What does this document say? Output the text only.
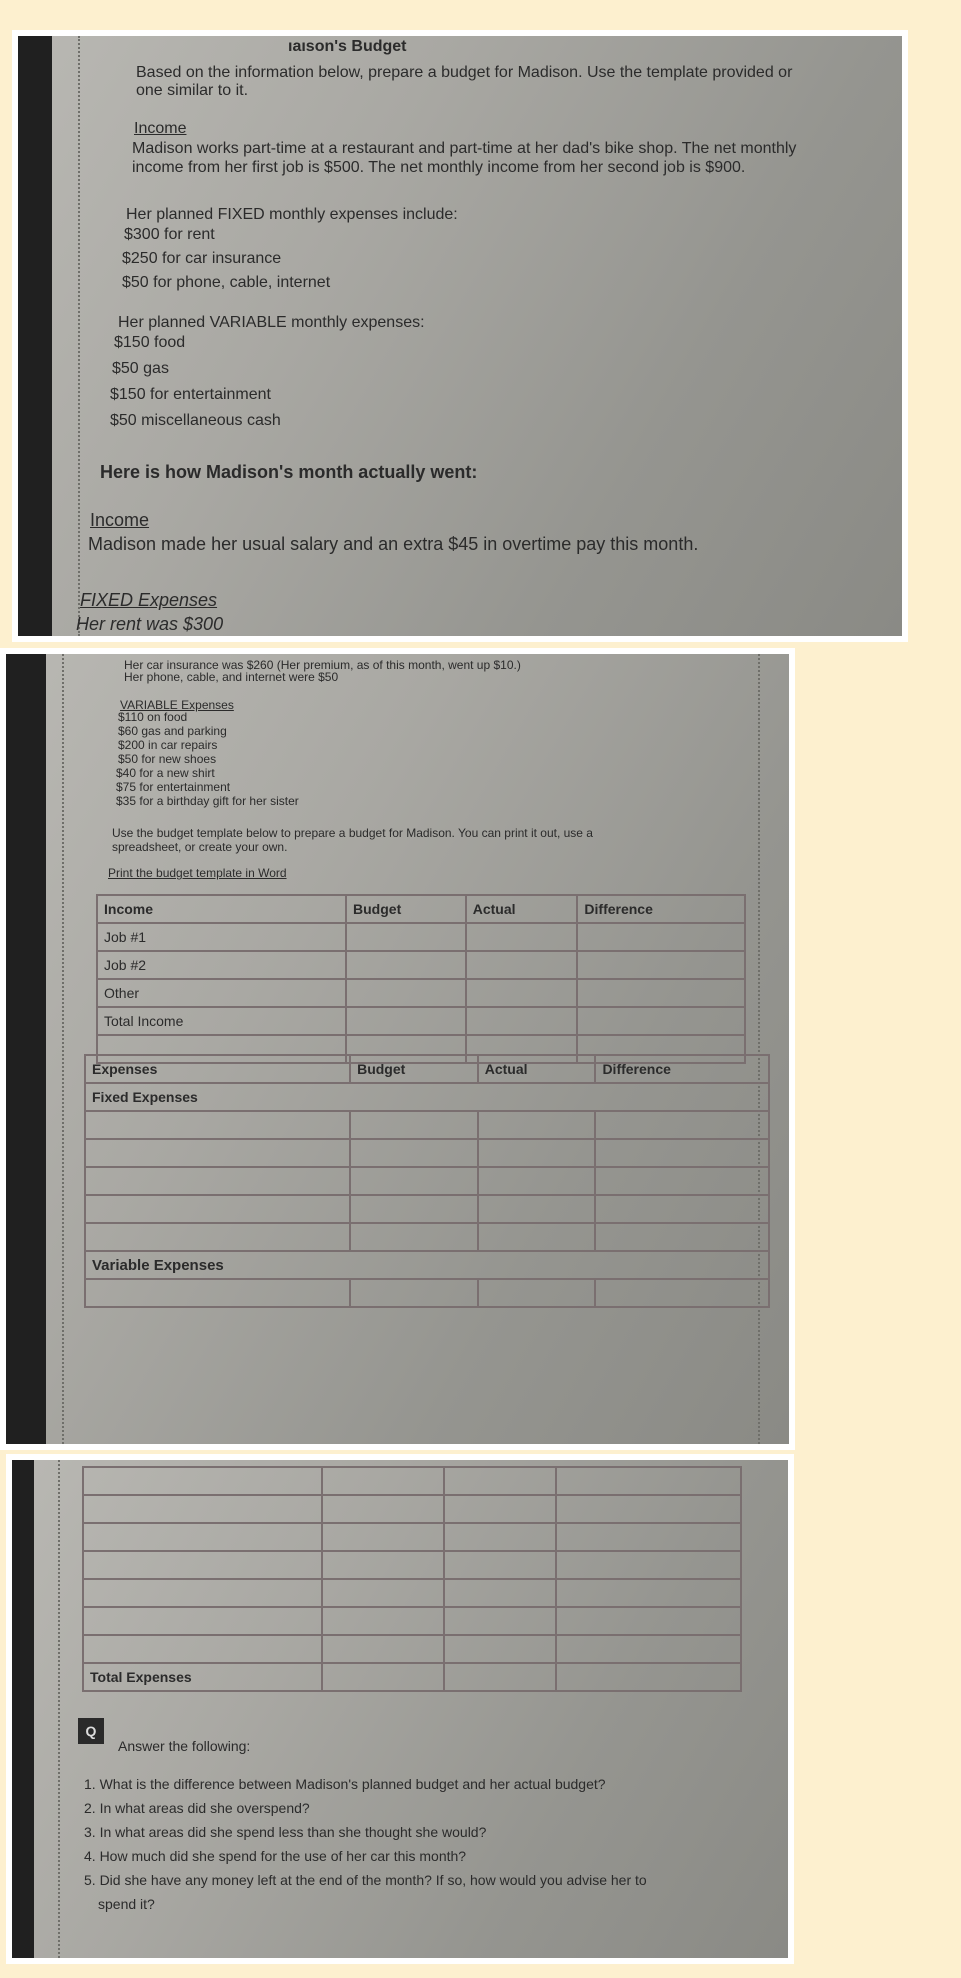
ıaıson's Budget
Based on the information below, prepare a budget for Madison. Use the template provided or
one similar to it.
Income
Madison works part-time at a restaurant and part-time at her dad's bike shop. The net monthly
income from her first job is $500. The net monthly income from her second job is $900.
Her planned FIXED monthly expenses include:
$300 for rent
$250 for car insurance
$50 for phone, cable, internet
Her planned VARIABLE monthly expenses:
$150 food
$50 gas
$150 for entertainment
$50 miscellaneous cash
Here is how Madison's month actually went:
Income
Madison made her usual salary and an extra $45 in overtime pay this month.
FIXED Expenses
Her rent was $300
Her car insurance was $260 (Her premium, as of this month, went up $10.)
Her phone, cable, and internet were $50
VARIABLE Expenses
$110 on food
$60 gas and parking
$200 in car repairs
$50 for new shoes
$40 for a new shirt
$75 for entertainment
$35 for a birthday gift for her sister
Use the budget template below to prepare a budget for Madison. You can print it out, use a
spreadsheet, or create your own.
Print the budget template in Word
Income	Budget	Actual	Difference
Job #1			
Job #2			
Other			
Total Income			

Expenses	Budget	Actual	Difference
Fixed Expenses			

Variable Expenses			

Total Expenses			
Q
Answer the following:
1. What is the difference between Madison's planned budget and her actual budget?
2. In what areas did she overspend?
3. In what areas did she spend less than she thought she would?
4. How much did she spend for the use of her car this month?
5. Did she have any money left at the end of the month? If so, how would you advise her to
spend it?
